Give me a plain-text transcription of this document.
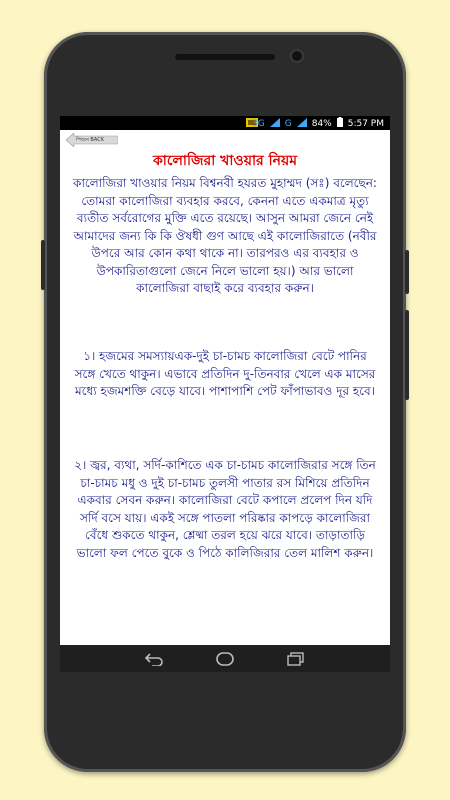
3G G 84% 5:57 PM
পিছনে BACK
কালোজিরা খাওয়ার নিয়ম
কালোজিরা খাওয়ার নিয়ম বিশ্বনবী হযরত মুহাম্মদ (সঃ) বলেছেন: তোমরা কালোজিরা ব্যবহার করবে, কেননা এতে একমাত্র মৃত্যু ব্যতীত সর্বরোগের মুক্তি এতে রয়েছে। আসুন আমরা জেনে নেই আমাদের জন্য কি কি ঔষধী গুণ আছে এই কালোজিরাতে (নবীর উপরে আর কোন কথা থাকে না। তারপরও এর ব্যবহার ও উপকারিতাগুলো জেনে নিলে ভালো হয়।) আর ভালো কালোজিরা বাছাই করে ব্যবহার করুন।
১। হজমের সমস্যায়এক-দুই চা-চামচ কালোজিরা বেটে পানির সঙ্গে খেতে থাকুন। এভাবে প্রতিদিন দু-তিনবার খেলে এক মাসের মধ্যে হজমশক্তি বেড়ে যাবে। পাশাপাশি পেট ফাঁপাভাবও দূর হবে।
২। জ্বর, ব্যথা, সর্দি-কাশিতে এক চা-চামচ কালোজিরার সঙ্গে তিন চা-চামচ মধু ও দুই চা-চামচ তুলসী পাতার রস মিশিয়ে প্রতিদিন একবার সেবন করুন। কালোজিরা বেটে কপালে প্রলেপ দিন যদি সর্দি বসে যায়। একই সঙ্গে পাতলা পরিষ্কার কাপড়ে কালোজিরা বেঁধে শুকতে থাকুন, শ্লেষ্মা তরল হয়ে ঝরে যাবে। তাড়াতাড়ি ভালো ফল পেতে বুকে ও পিঠে কালিজিরার তেল মালিশ করুন।
